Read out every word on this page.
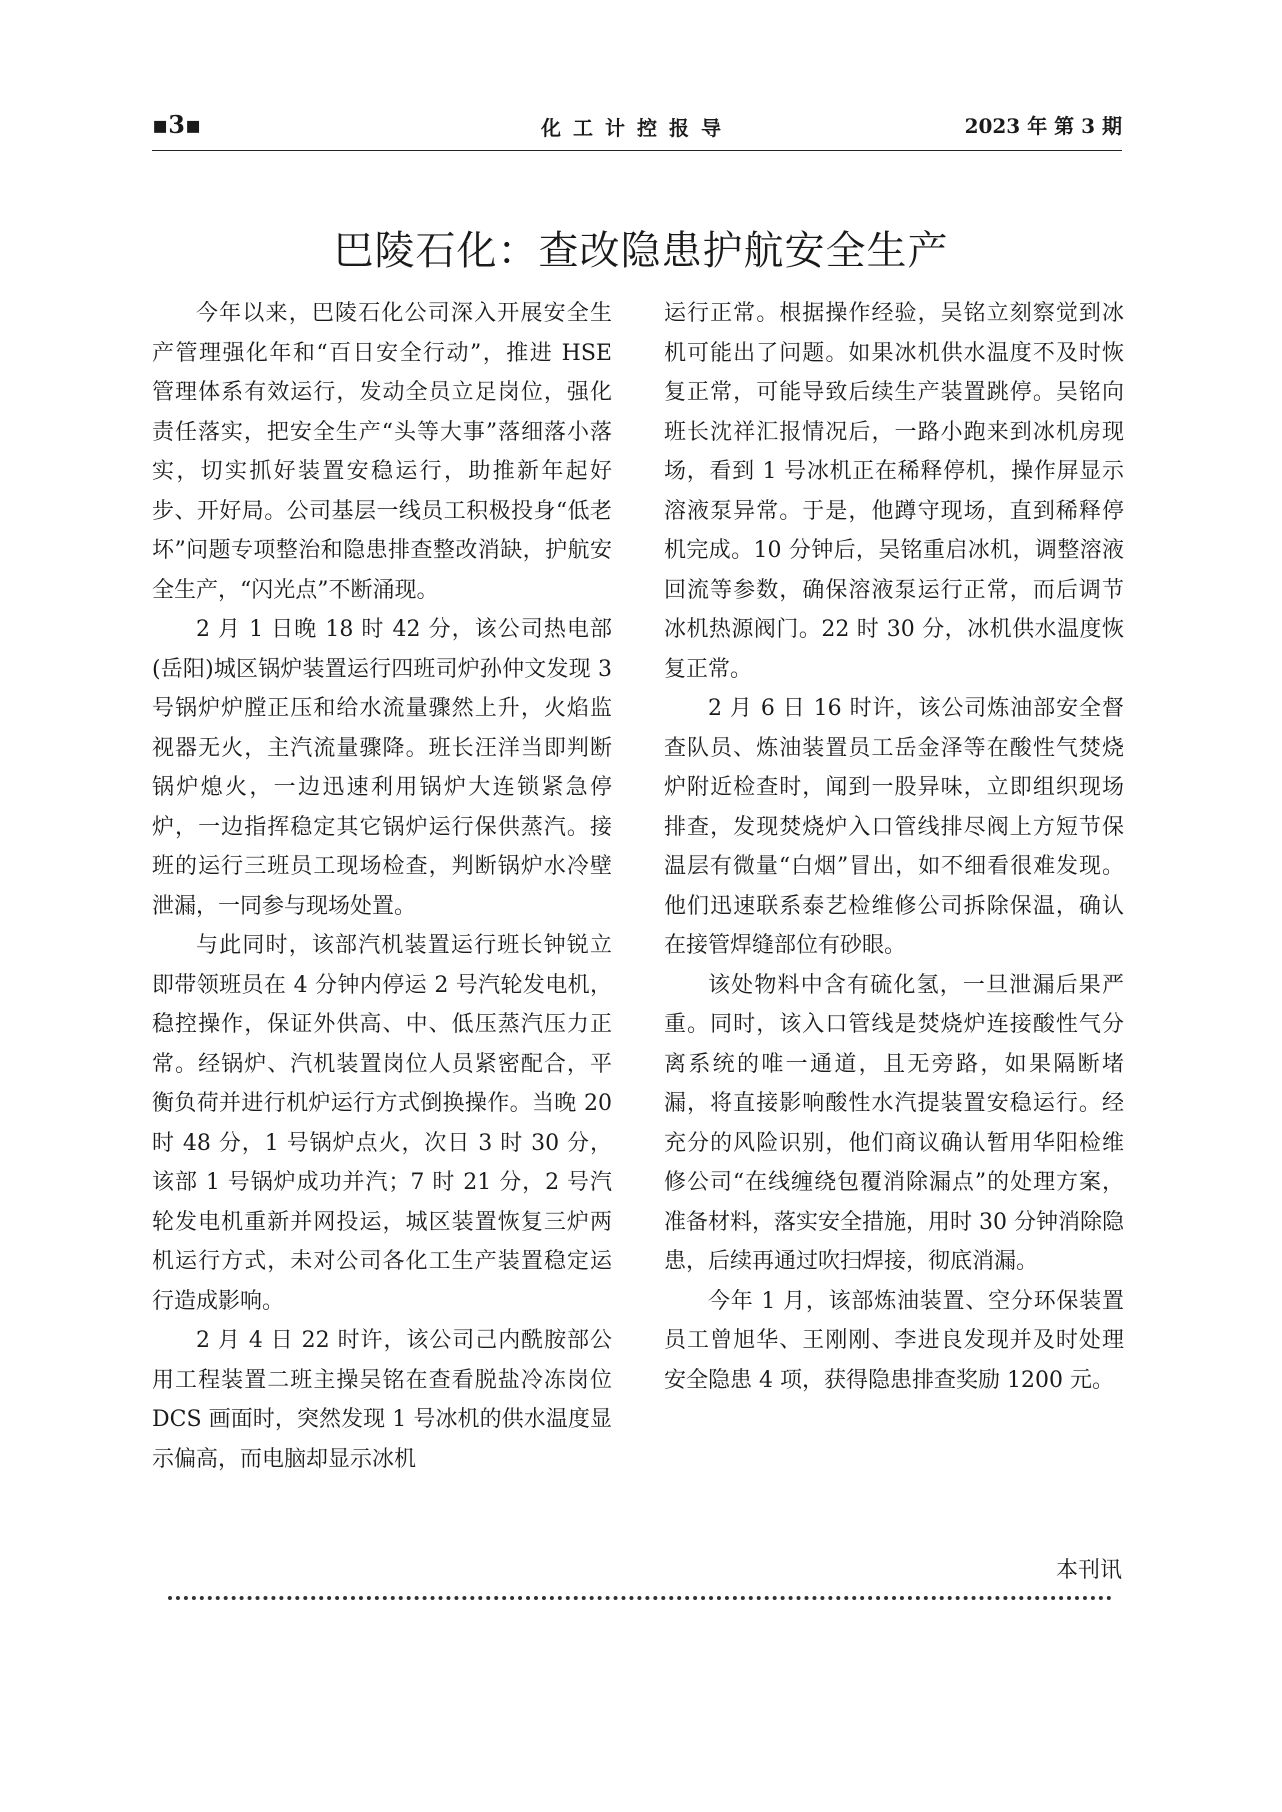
▪3▪	化工计控报导	2023 年 第 3 期
巴陵石化：查改隐患护航安全生产

今年以来，巴陵石化公司深入开展安全生产管理强化年和“百日安全行动”，推进 HSE 管理体系有效运行，发动全员立足岗位，强化责任落实，把安全生产“头等大事”落细落小落实，切实抓好装置安稳运行，助推新年起好步、开好局。公司基层一线员工积极投身“低老坏”问题专项整治和隐患排查整改消缺，护航安全生产，“闪光点”不断涌现。

2 月 1 日晚 18 时 42 分，该公司热电部(岳阳)城区锅炉装置运行四班司炉孙仲文发现 3 号锅炉炉膛正压和给水流量骤然上升，火焰监视器无火，主汽流量骤降。班长汪洋当即判断锅炉熄火，一边迅速利用锅炉大连锁紧急停炉，一边指挥稳定其它锅炉运行保供蒸汽。接班的运行三班员工现场检查，判断锅炉水冷壁泄漏，一同参与现场处置。

与此同时，该部汽机装置运行班长钟锐立即带领班员在 4 分钟内停运 2 号汽轮发电机，稳控操作，保证外供高、中、低压蒸汽压力正常。经锅炉、汽机装置岗位人员紧密配合，平衡负荷并进行机炉运行方式倒换操作。当晚 20 时 48 分，1 号锅炉点火，次日 3 时 30 分，该部 1 号锅炉成功并汽；7 时 21 分，2 号汽轮发电机重新并网投运，城区装置恢复三炉两机运行方式，未对公司各化工生产装置稳定运行造成影响。

2 月 4 日 22 时许，该公司己内酰胺部公用工程装置二班主操吴铭在查看脱盐冷冻岗位 DCS 画面时，突然发现 1 号冰机的供水温度显示偏高，而电脑却显示冰机

运行正常。根据操作经验，吴铭立刻察觉到冰机可能出了问题。如果冰机供水温度不及时恢复正常，可能导致后续生产装置跳停。吴铭向班长沈祥汇报情况后，一路小跑来到冰机房现场，看到 1 号冰机正在稀释停机，操作屏显示溶液泵异常。于是，他蹲守现场，直到稀释停机完成。10 分钟后，吴铭重启冰机，调整溶液回流等参数，确保溶液泵运行正常，而后调节冰机热源阀门。22 时 30 分，冰机供水温度恢复正常。

2 月 6 日 16 时许，该公司炼油部安全督查队员、炼油装置员工岳金泽等在酸性气焚烧炉附近检查时，闻到一股异味，立即组织现场排查，发现焚烧炉入口管线排尽阀上方短节保温层有微量“白烟”冒出，如不细看很难发现。他们迅速联系泰艺检维修公司拆除保温，确认在接管焊缝部位有砂眼。

该处物料中含有硫化氢，一旦泄漏后果严重。同时，该入口管线是焚烧炉连接酸性气分离系统的唯一通道，且无旁路，如果隔断堵漏，将直接影响酸性水汽提装置安稳运行。经充分的风险识别，他们商议确认暂用华阳检维修公司“在线缠绕包覆消除漏点”的处理方案，准备材料，落实安全措施，用时 30 分钟消除隐患，后续再通过吹扫焊接，彻底消漏。

今年 1 月，该部炼油装置、空分环保装置员工曾旭华、王刚刚、李进良发现并及时处理安全隐患 4 项，获得隐患排查奖励 1200 元。

本刊讯
